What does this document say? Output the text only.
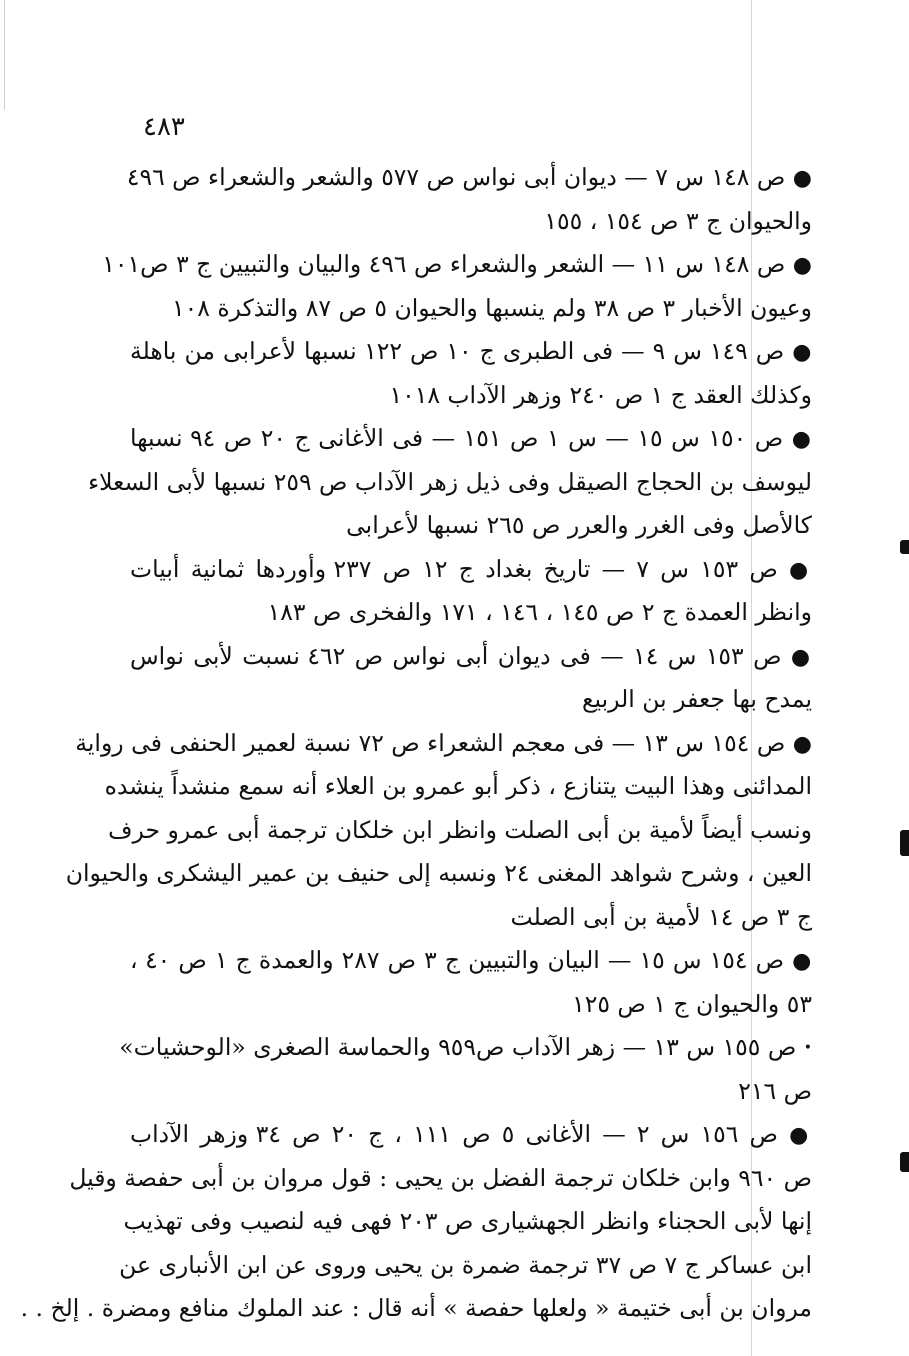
٤٨٣
● ص ١٤٨ س ٧ — ديوان أبى نواس ص ٥٧٧ والشعر والشعراء ص ٤٩٦
والحيوان ج ٣ ص ١٥٤ ، ١٥٥
● ص ١٤٨ س ١١ — الشعر والشعراء ص ٤٩٦ والبيان والتبيين ج ٣ ص١٠١
وعيون الأخبار ٣ ص ٣٨ ولم ينسبها والحيوان ٥ ص ٨٧ والتذكرة ١٠٨
● ص ١٤٩ س ٩ — فى الطبرى ج ١٠ ص ١٢٢ نسبها لأعرابى من باهلة
وكذلك العقد ج ١ ص ٢٤٠ وزهر الآداب ١٠١٨
● ص ١٥٠ س ١٥ — س ١ ص ١٥١ — فى الأغانى ج ٢٠ ص ٩٤ نسبها
ليوسف بن الحجاج الصيقل وفى ذيل زهر الآداب ص ٢٥٩ نسبها لأبى السعلاء
كالأصل وفى الغرر والعرر ص ٢٦٥ نسبها لأعرابى
● ص ١٥٣ س ٧ — تاريخ بغداد ج ١٢ ص ٢٣٧ وأوردها ثمانية أبيات
وانظر العمدة ج ٢ ص ١٤٥ ، ١٤٦ ، ١٧١ والفخرى ص ١٨٣
● ص ١٥٣ س ١٤ — فى ديوان أبى نواس ص ٤٦٢ نسبت لأبى نواس
يمدح بها جعفر بن الربيع
● ص ١٥٤ س ١٣ — فى معجم الشعراء ص ٧٢ نسبة لعمير الحنفى فى رواية
المدائنى وهذا البيت يتنازع ، ذكر أبو عمرو بن العلاء أنه سمع منشداً ينشده
ونسب أيضاً لأمية بن أبى الصلت وانظر ابن خلكان ترجمة أبى عمرو حرف
العين ، وشرح شواهد المغنى ٢٤ ونسبه إلى حنيف بن عمير اليشكرى والحيوان
ج ٣ ص ١٤ لأمية بن أبى الصلت
● ص ١٥٤ س ١٥ — البيان والتبيين ج ٣ ص ٢٨٧ والعمدة ج ١ ص ٤٠ ،
٥٣ والحيوان ج ١ ص ١٢٥
• ص ١٥٥ س ١٣ — زهر الآداب ص٩٥٩ والحماسة الصغرى «الوحشيات»
ص ٢١٦
● ص ١٥٦ س ٢ — الأغانى ٥ ص ١١١ ، ج ٢٠ ص ٣٤ وزهر الآداب
ص ٩٦٠ وابن خلكان ترجمة الفضل بن يحيى : قول مروان بن أبى حفصة وقيل
إنها لأبى الحجناء وانظر الجهشيارى ص ٢٠٣ فهى فيه لنصيب وفى تهذيب
ابن عساكر ج ٧ ص ٣٧ ترجمة ضمرة بن يحيى وروى عن ابن الأنبارى عن
مروان بن أبى ختيمة « ولعلها حفصة » أنه قال : عند الملوك منافع ومضرة . إلخ . .
